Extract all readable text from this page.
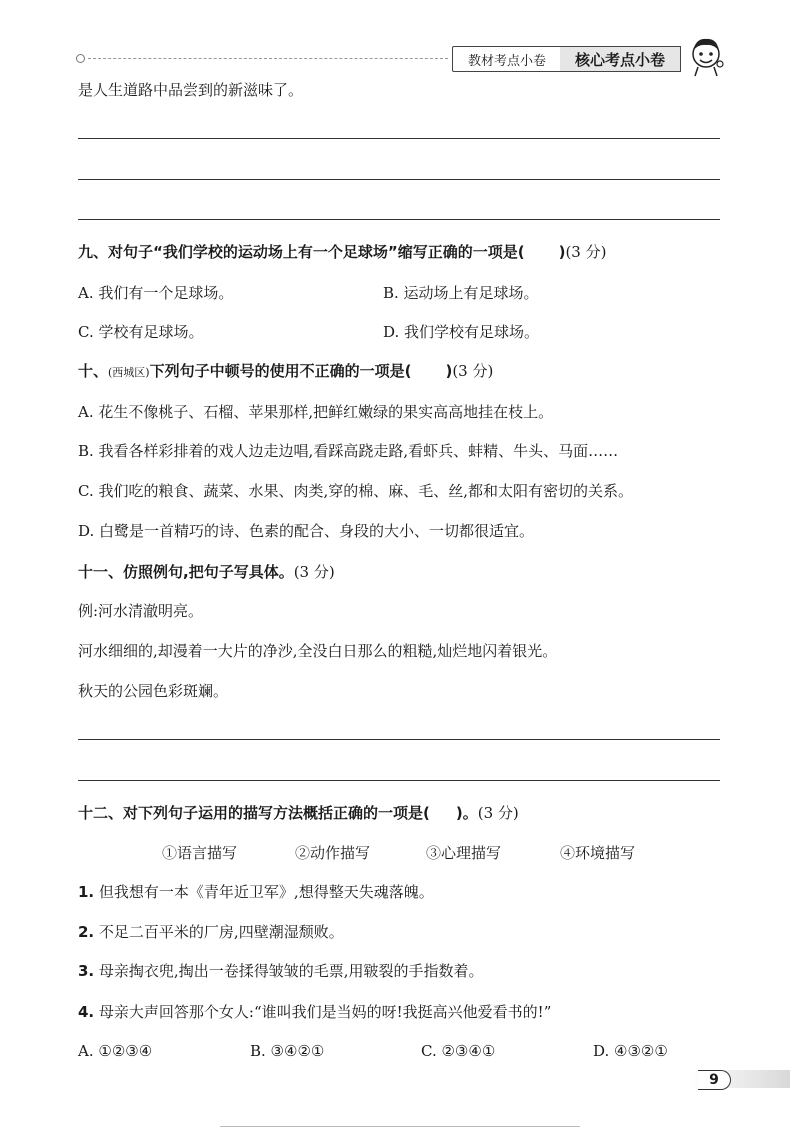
教材考点小卷	核心考点小卷
是人生道路中品尝到的新滋味了。
九、对句子“我们学校的运动场上有一个足球场”缩写正确的一项是( )(3 分)
A. 我们有一个足球场。	B. 运动场上有足球场。
C. 学校有足球场。	D. 我们学校有足球场。
十、(西城区)下列句子中顿号的使用不正确的一项是( )(3 分)
A. 花生不像桃子、石榴、苹果那样,把鲜红嫩绿的果实高高地挂在枝上。
B. 我看各样彩排着的戏人边走边唱,看踩高跷走路,看虾兵、蚌精、牛头、马面……
C. 我们吃的粮食、蔬菜、水果、肉类,穿的棉、麻、毛、丝,都和太阳有密切的关系。
D. 白鹭是一首精巧的诗、色素的配合、身段的大小、一切都很适宜。
十一、仿照例句,把句子写具体。(3 分)
例:河水清澈明亮。
河水细细的,却漫着一大片的净沙,全没白日那么的粗糙,灿烂地闪着银光。
秋天的公园色彩斑斓。
十二、对下列句子运用的描写方法概括正确的一项是( )。(3 分)
①语言描写	②动作描写	③心理描写	④环境描写
1. 但我想有一本《青年近卫军》,想得整天失魂落魄。
2. 不足二百平米的厂房,四壁潮湿颓败。
3. 母亲掏衣兜,掏出一卷揉得皱皱的毛票,用皲裂的手指数着。
4. 母亲大声回答那个女人:“谁叫我们是当妈的呀!我挺高兴他爱看书的!”
A. ①②③④	B. ③④②①	C. ②③④①	D. ④③②①
9
